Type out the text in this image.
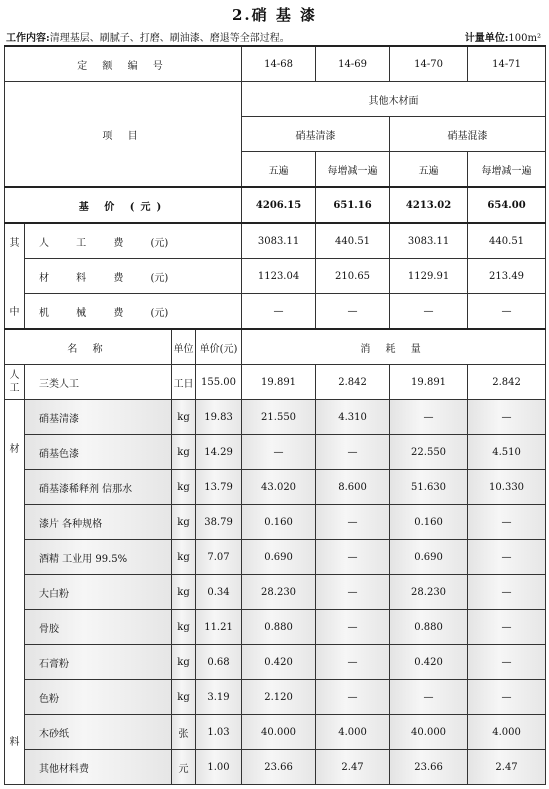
2.硝 基 漆
工作内容:清理基层、刷腻子、打磨、刷油漆、磨退等全部过程。	计量单位:100m²
定 额 编 号				14-68	14-69	14-70	14-71
项 目				其他木材面			
				硝基清漆		硝基混漆	
				五遍	每增减一遍	五遍	每增减一遍
基 价 (元)				4206.15	651.16	4213.02	654.00
其	人 工 费 (元)			3083.11	440.51	3083.11	440.51
	材 料 费 (元)			1123.04	210.65	1129.91	213.49
中	机 械 费 (元)			—	—	—	—
名 称		单位	单价(元)	消 耗 量			
人工	三类人工	工日	155.00	19.891	2.842	19.891	2.842

材
料	硝基清漆	kg	19.83	21.550	4.310	—	—
	硝基色漆	kg	14.29	—	—	22.550	4.510
	硝基漆稀释剂 信那水	kg	13.79	43.020	8.600	51.630	10.330
	漆片 各种规格	kg	38.79	0.160	—	0.160	—
	酒精 工业用 99.5%	kg	7.07	0.690	—	0.690	—
	大白粉	kg	0.34	28.230	—	28.230	—
	骨胶	kg	11.21	0.880	—	0.880	—
	石膏粉	kg	0.68	0.420	—	0.420	—
	色粉	kg	3.19	2.120	—	—	—
	木砂纸	张	1.03	40.000	4.000	40.000	4.000
	其他材料费	元	1.00	23.66	2.47	23.66	2.47
